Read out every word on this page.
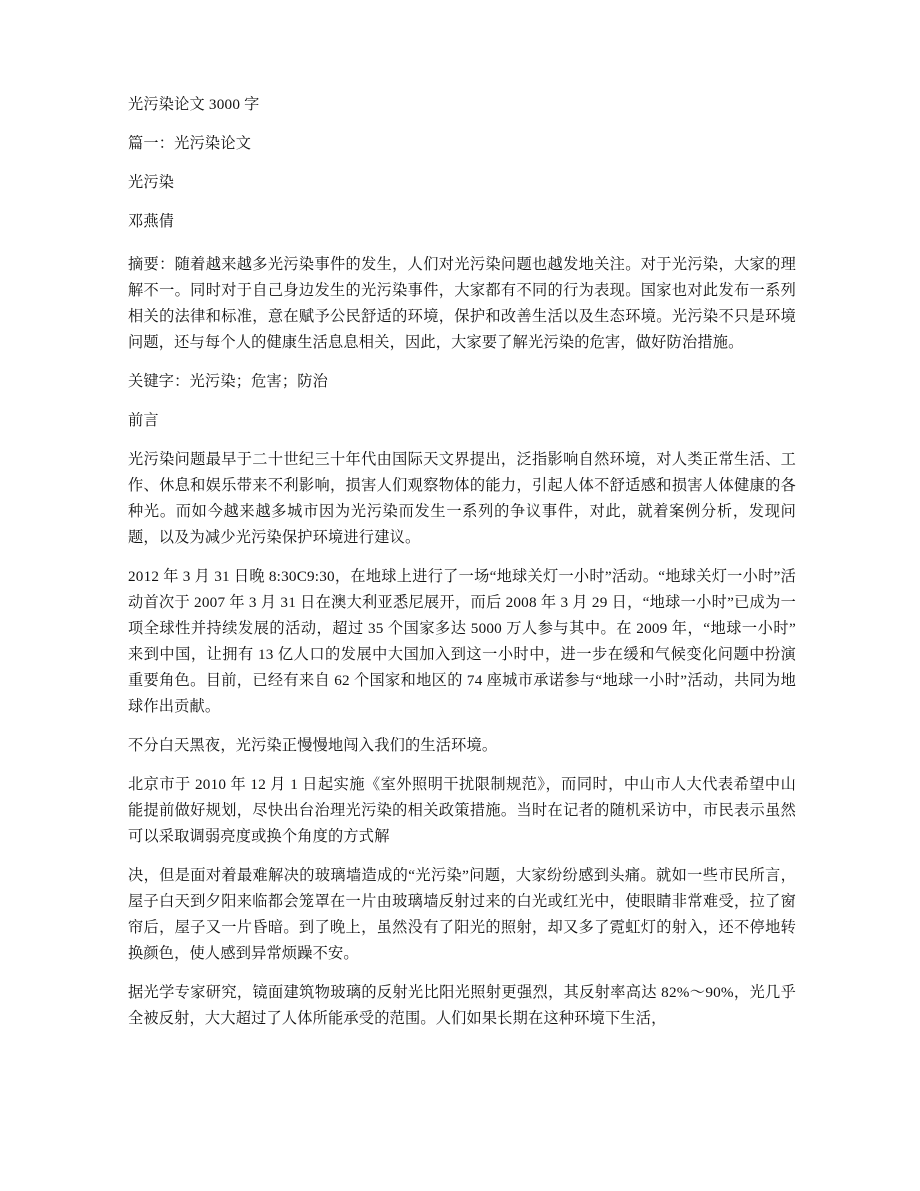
光污染论文 3000 字

篇一：光污染论文

光污染

邓燕倩

摘要：随着越来越多光污染事件的发生，人们对光污染问题也越发地关注。对于光污染，大家的理解不一。同时对于自己身边发生的光污染事件，大家都有不同的行为表现。国家也对此发布一系列相关的法律和标准，意在赋予公民舒适的环境，保护和改善生活以及生态环境。光污染不只是环境问题，还与每个人的健康生活息息相关，因此，大家要了解光污染的危害，做好防治措施。

关键字：光污染；危害；防治

前言

光污染问题最早于二十世纪三十年代由国际天文界提出，泛指影响自然环境，对人类正常生活、工作、休息和娱乐带来不利影响，损害人们观察物体的能力，引起人体不舒适感和损害人体健康的各种光。而如今越来越多城市因为光污染而发生一系列的争议事件，对此，就着案例分析，发现问题，以及为减少光污染保护环境进行建议。

2012 年 3 月 31 日晚 8:30C9:30，在地球上进行了一场“地球关灯一小时”活动。“地球关灯一小时”活动首次于 2007 年 3 月 31 日在澳大利亚悉尼展开，而后 2008 年 3 月 29 日，“地球一小时”已成为一项全球性并持续发展的活动，超过 35 个国家多达 5000 万人参与其中。在 2009 年，“地球一小时”来到中国，让拥有 13 亿人口的发展中大国加入到这一小时中，进一步在缓和气候变化问题中扮演重要角色。目前，已经有来自 62 个国家和地区的 74 座城市承诺参与“地球一小时”活动，共同为地球作出贡献。

不分白天黑夜，光污染正慢慢地闯入我们的生活环境。

北京市于 2010 年 12 月 1 日起实施《室外照明干扰限制规范》，而同时，中山市人大代表希望中山能提前做好规划，尽快出台治理光污染的相关政策措施。当时在记者的随机采访中，市民表示虽然可以采取调弱亮度或换个角度的方式解

决，但是面对着最难解决的玻璃墙造成的“光污染”问题，大家纷纷感到头痛。就如一些市民所言，屋子白天到夕阳来临都会笼罩在一片由玻璃墙反射过来的白光或红光中，使眼睛非常难受，拉了窗帘后，屋子又一片昏暗。到了晚上，虽然没有了阳光的照射，却又多了霓虹灯的射入，还不停地转换颜色，使人感到异常烦躁不安。

据光学专家研究，镜面建筑物玻璃的反射光比阳光照射更强烈，其反射率高达 82%～90%，光几乎全被反射，大大超过了人体所能承受的范围。人们如果长期在这种环境下生活，
